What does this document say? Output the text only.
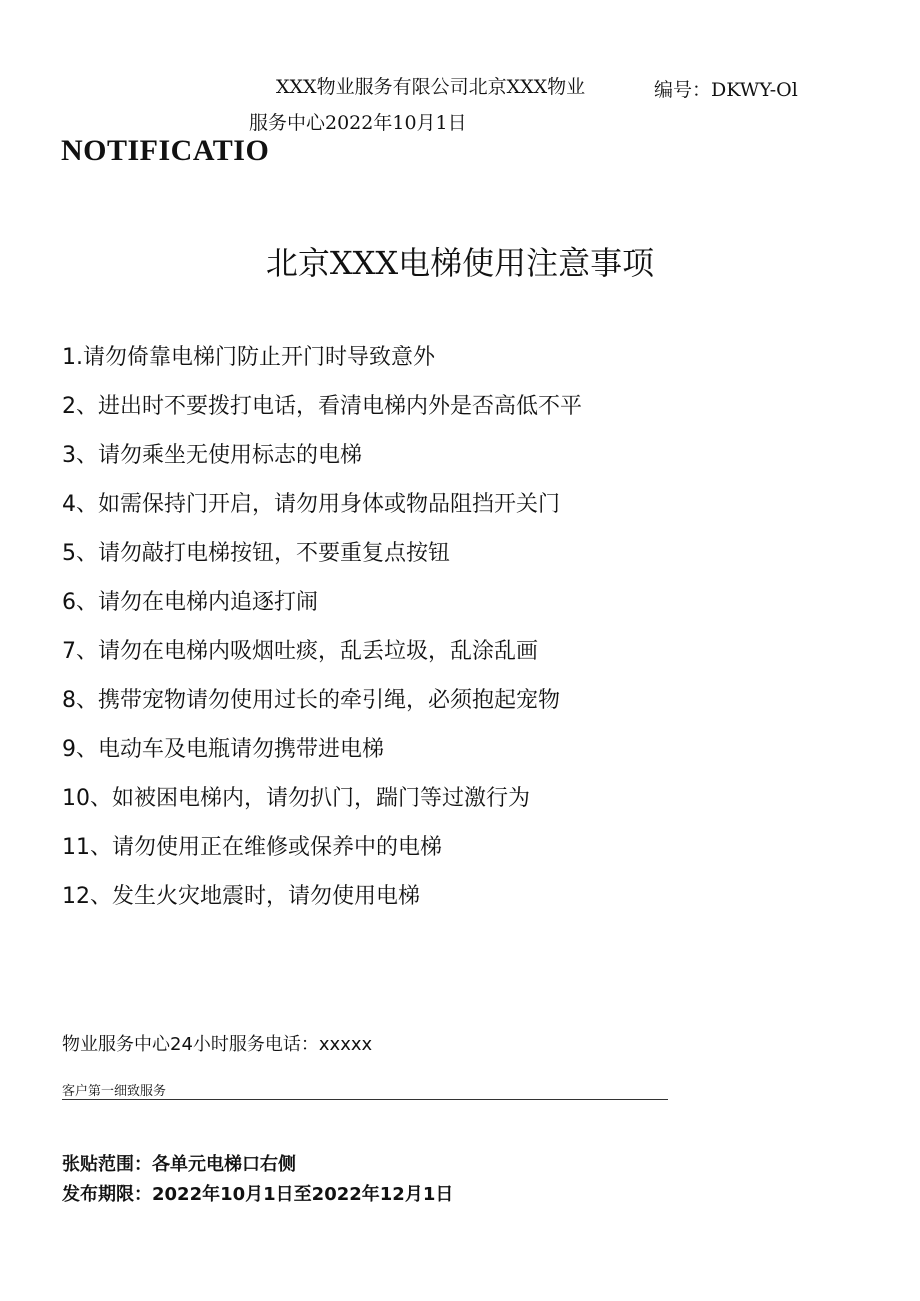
XXX物业服务有限公司北京XXX物业	编号：DKWY-Ol
服务中心2022年10月1日
NOTIFICATIO
北京XXX电梯使用注意事项
1.请勿倚靠电梯门防止开门时导致意外
2、进出时不要拨打电话，看清电梯内外是否高低不平
3、请勿乘坐无使用标志的电梯
4、如需保持门开启，请勿用身体或物品阻挡开关门
5、请勿敲打电梯按钮，不要重复点按钮
6、请勿在电梯内追逐打闹
7、请勿在电梯内吸烟吐痰，乱丢垃圾，乱涂乱画
8、携带宠物请勿使用过长的牵引绳，必须抱起宠物
9、电动车及电瓶请勿携带进电梯
10、如被困电梯内，请勿扒门，踹门等过激行为
11、请勿使用正在维修或保养中的电梯
12、发生火灾地震时，请勿使用电梯
物业服务中心24小时服务电话：xxxxx
客户第一细致服务
张贴范围：各单元电梯口右侧
发布期限：2022年10月1日至2022年12月1日
